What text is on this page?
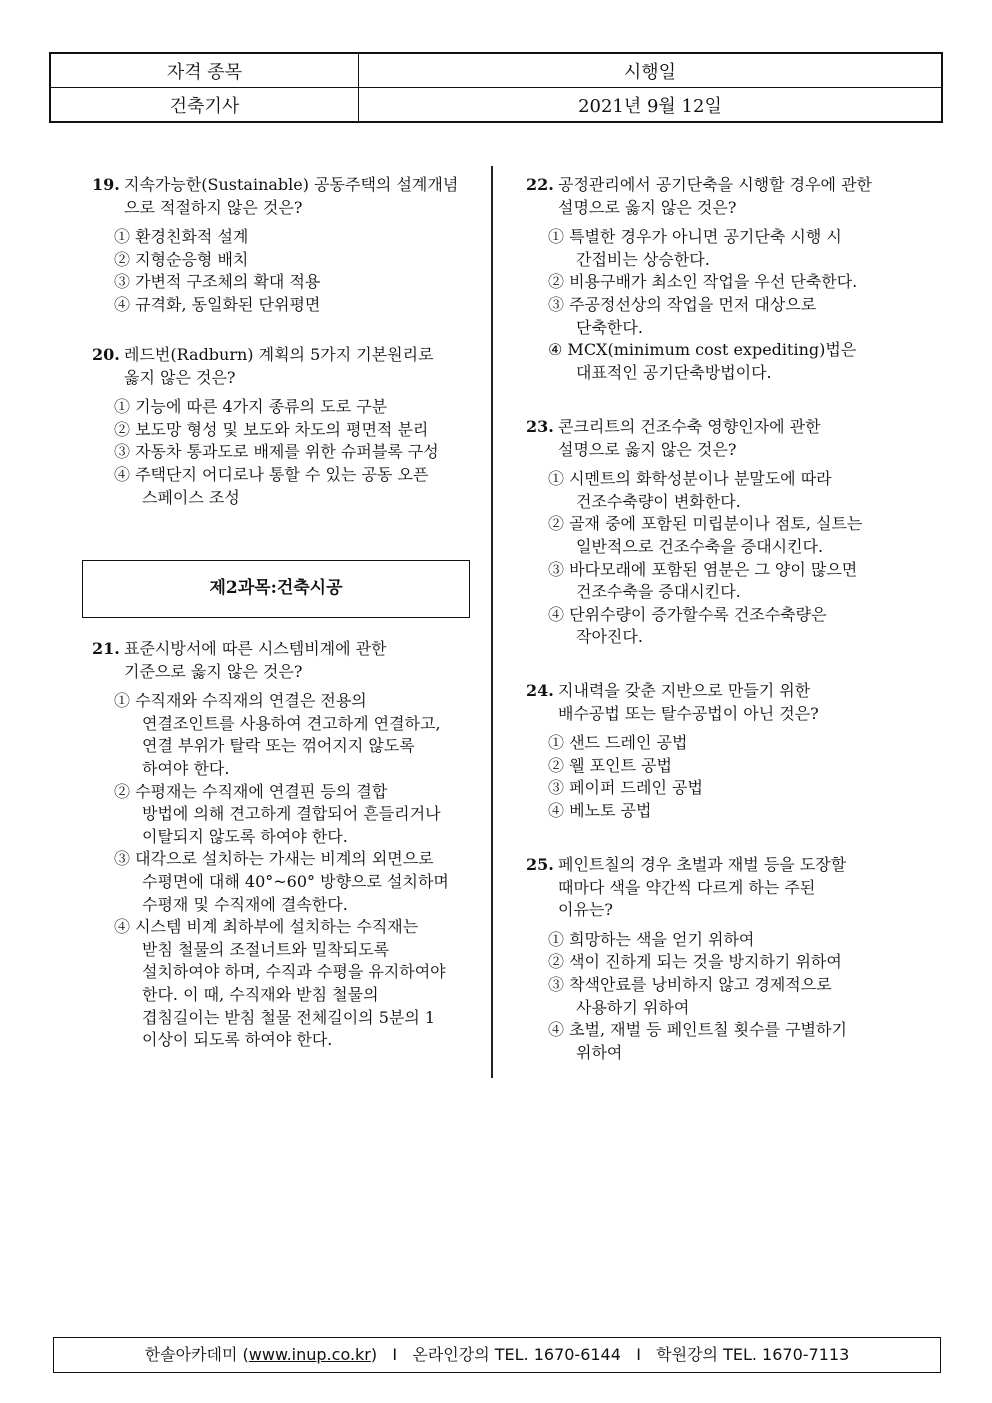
자격 종목	시행일
건축기사	2021년 9월 12일
19. 지속가능한(Sustainable) 공동주택의 설계개념
으로 적절하지 않은 것은?
① 환경친화적 설계
② 지형순응형 배치
③ 가변적 구조체의 확대 적용
④ 규격화, 동일화된 단위평면
20. 레드번(Radburn) 계획의 5가지 기본원리로
옳지 않은 것은?
① 기능에 따른 4가지 종류의 도로 구분
② 보도망 형성 및 보도와 차도의 평면적 분리
③ 자동차 통과도로 배제를 위한 슈퍼블록 구성
④ 주택단지 어디로나 통할 수 있는 공동 오픈
스페이스 조성
제2과목:건축시공
21. 표준시방서에 따른 시스템비계에 관한
기준으로 옳지 않은 것은?
① 수직재와 수직재의 연결은 전용의
연결조인트를 사용하여 견고하게 연결하고,
연결 부위가 탈락 또는 꺾어지지 않도록
하여야 한다.
② 수평재는 수직재에 연결핀 등의 결합
방법에 의해 견고하게 결합되어 흔들리거나
이탈되지 않도록 하여야 한다.
③ 대각으로 설치하는 가새는 비계의 외면으로
수평면에 대해 40°~60° 방향으로 설치하며
수평재 및 수직재에 결속한다.
④ 시스템 비계 최하부에 설치하는 수직재는
받침 철물의 조절너트와 밀착되도록
설치하여야 하며, 수직과 수평을 유지하여야
한다. 이 때, 수직재와 받침 철물의
겹침길이는 받침 철물 전체길이의 5분의 1
이상이 되도록 하여야 한다.
22. 공정관리에서 공기단축을 시행할 경우에 관한
설명으로 옳지 않은 것은?
① 특별한 경우가 아니면 공기단축 시행 시
간접비는 상승한다.
② 비용구배가 최소인 작업을 우선 단축한다.
③ 주공정선상의 작업을 먼저 대상으로
단축한다.
④ MCX(minimum cost expediting)법은
대표적인 공기단축방법이다.
23. 콘크리트의 건조수축 영향인자에 관한
설명으로 옳지 않은 것은?
① 시멘트의 화학성분이나 분말도에 따라
건조수축량이 변화한다.
② 골재 중에 포함된 미립분이나 점토, 실트는
일반적으로 건조수축을 증대시킨다.
③ 바다모래에 포함된 염분은 그 양이 많으면
건조수축을 증대시킨다.
④ 단위수량이 증가할수록 건조수축량은
작아진다.
24. 지내력을 갖춘 지반으로 만들기 위한
배수공법 또는 탈수공법이 아닌 것은?
① 샌드 드레인 공법
② 웰 포인트 공법
③ 페이퍼 드레인 공법
④ 베노토 공법
25. 페인트칠의 경우 초벌과 재벌 등을 도장할
때마다 색을 약간씩 다르게 하는 주된
이유는?
① 희망하는 색을 얻기 위하여
② 색이 진하게 되는 것을 방지하기 위하여
③ 착색안료를 낭비하지 않고 경제적으로
사용하기 위하여
④ 초벌, 재벌 등 페인트칠 횟수를 구별하기
위하여
한솔아카데미 (www.inup.co.kr) I 온라인강의 TEL. 1670-6144 I 학원강의 TEL. 1670-7113
